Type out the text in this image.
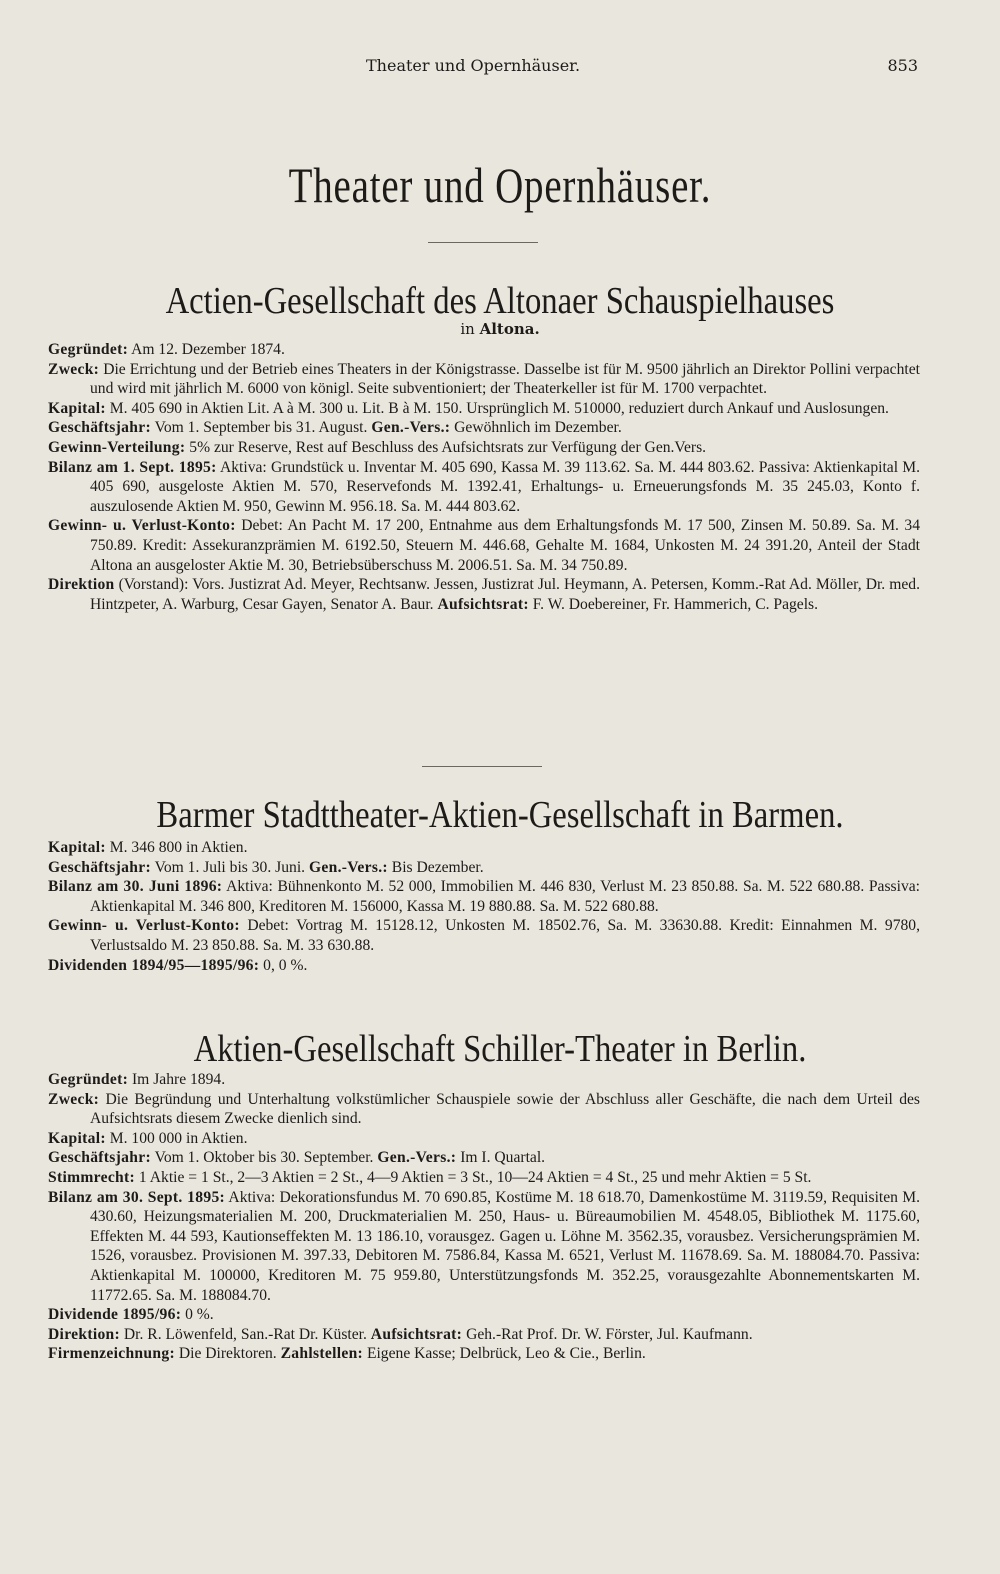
Theater und Opernhäuser.	853
Theater und Opernhäuser.
Actien-Gesellschaft des Altonaer Schauspielhauses
in Altona.

Gegründet: Am 12. Dezember 1874.

Zweck: Die Errichtung und der Betrieb eines Theaters in der Königstrasse. Dasselbe ist für M. 9500 jährlich an Direktor Pollini verpachtet und wird mit jährlich M. 6000 von königl. Seite subventioniert; der Theaterkeller ist für M. 1700 verpachtet.

Kapital: M. 405 690 in Aktien Lit. A à M. 300 u. Lit. B à M. 150. Ursprünglich M. 510000, reduziert durch Ankauf und Auslosungen.

Geschäftsjahr: Vom 1. September bis 31. August. Gen.-Vers.: Gewöhnlich im Dezember.

Gewinn-Verteilung: 5% zur Reserve, Rest auf Beschluss des Aufsichtsrats zur Verfügung der Gen.Vers.

Bilanz am 1. Sept. 1895: Aktiva: Grundstück u. Inventar M. 405 690, Kassa M. 39 113.62. Sa. M. 444 803.62. Passiva: Aktienkapital M. 405 690, ausgeloste Aktien M. 570, Reservefonds M. 1392.41, Erhaltungs- u. Erneuerungsfonds M. 35 245.03, Konto f. auszulosende Aktien M. 950, Gewinn M. 956.18. Sa. M. 444 803.62.

Gewinn- u. Verlust-Konto: Debet: An Pacht M. 17 200, Entnahme aus dem Erhaltungsfonds M. 17 500, Zinsen M. 50.89. Sa. M. 34 750.89. Kredit: Assekuranzprämien M. 6192.50, Steuern M. 446.68, Gehalte M. 1684, Unkosten M. 24 391.20, Anteil der Stadt Altona an ausgeloster Aktie M. 30, Betriebsüberschuss M. 2006.51. Sa. M. 34 750.89.

Direktion (Vorstand): Vors. Justizrat Ad. Meyer, Rechtsanw. Jessen, Justizrat Jul. Heymann, A. Petersen, Komm.-Rat Ad. Möller, Dr. med. Hintzpeter, A. Warburg, Cesar Gayen, Senator A. Baur. Aufsichtsrat: F. W. Doebereiner, Fr. Hammerich, C. Pagels.

Barmer Stadttheater-Aktien-Gesellschaft in Barmen.

Kapital: M. 346 800 in Aktien.

Geschäftsjahr: Vom 1. Juli bis 30. Juni. Gen.-Vers.: Bis Dezember.

Bilanz am 30. Juni 1896: Aktiva: Bühnenkonto M. 52 000, Immobilien M. 446 830, Verlust M. 23 850.88. Sa. M. 522 680.88. Passiva: Aktienkapital M. 346 800, Kreditoren M. 156000, Kassa M. 19 880.88. Sa. M. 522 680.88.

Gewinn- u. Verlust-Konto: Debet: Vortrag M. 15128.12, Unkosten M. 18502.76, Sa. M. 33630.88. Kredit: Einnahmen M. 9780, Verlustsaldo M. 23 850.88. Sa. M. 33 630.88.

Dividenden 1894/95—1895/96: 0, 0 %.

Aktien-Gesellschaft Schiller-Theater in Berlin.

Gegründet: Im Jahre 1894.

Zweck: Die Begründung und Unterhaltung volkstümlicher Schauspiele sowie der Abschluss aller Geschäfte, die nach dem Urteil des Aufsichtsrats diesem Zwecke dienlich sind.

Kapital: M. 100 000 in Aktien.

Geschäftsjahr: Vom 1. Oktober bis 30. September. Gen.-Vers.: Im I. Quartal.

Stimmrecht: 1 Aktie = 1 St., 2—3 Aktien = 2 St., 4—9 Aktien = 3 St., 10—24 Aktien = 4 St., 25 und mehr Aktien = 5 St.

Bilanz am 30. Sept. 1895: Aktiva: Dekorationsfundus M. 70 690.85, Kostüme M. 18 618.70, Damenkostüme M. 3119.59, Requisiten M. 430.60, Heizungsmaterialien M. 200, Druckmaterialien M. 250, Haus- u. Büreaumobilien M. 4548.05, Bibliothek M. 1175.60, Effekten M. 44 593, Kautionseffekten M. 13 186.10, vorausgez. Gagen u. Löhne M. 3562.35, vorausbez. Versicherungsprämien M. 1526, vorausbez. Provisionen M. 397.33, Debitoren M. 7586.84, Kassa M. 6521, Verlust M. 11678.69. Sa. M. 188084.70. Passiva: Aktienkapital M. 100000, Kreditoren M. 75 959.80, Unterstützungsfonds M. 352.25, vorausgezahlte Abonnementskarten M. 11772.65. Sa. M. 188084.70.

Dividende 1895/96: 0 %.

Direktion: Dr. R. Löwenfeld, San.-Rat Dr. Küster. Aufsichtsrat: Geh.-Rat Prof. Dr. W. Förster, Jul. Kaufmann.

Firmenzeichnung: Die Direktoren. Zahlstellen: Eigene Kasse; Delbrück, Leo & Cie., Berlin.
